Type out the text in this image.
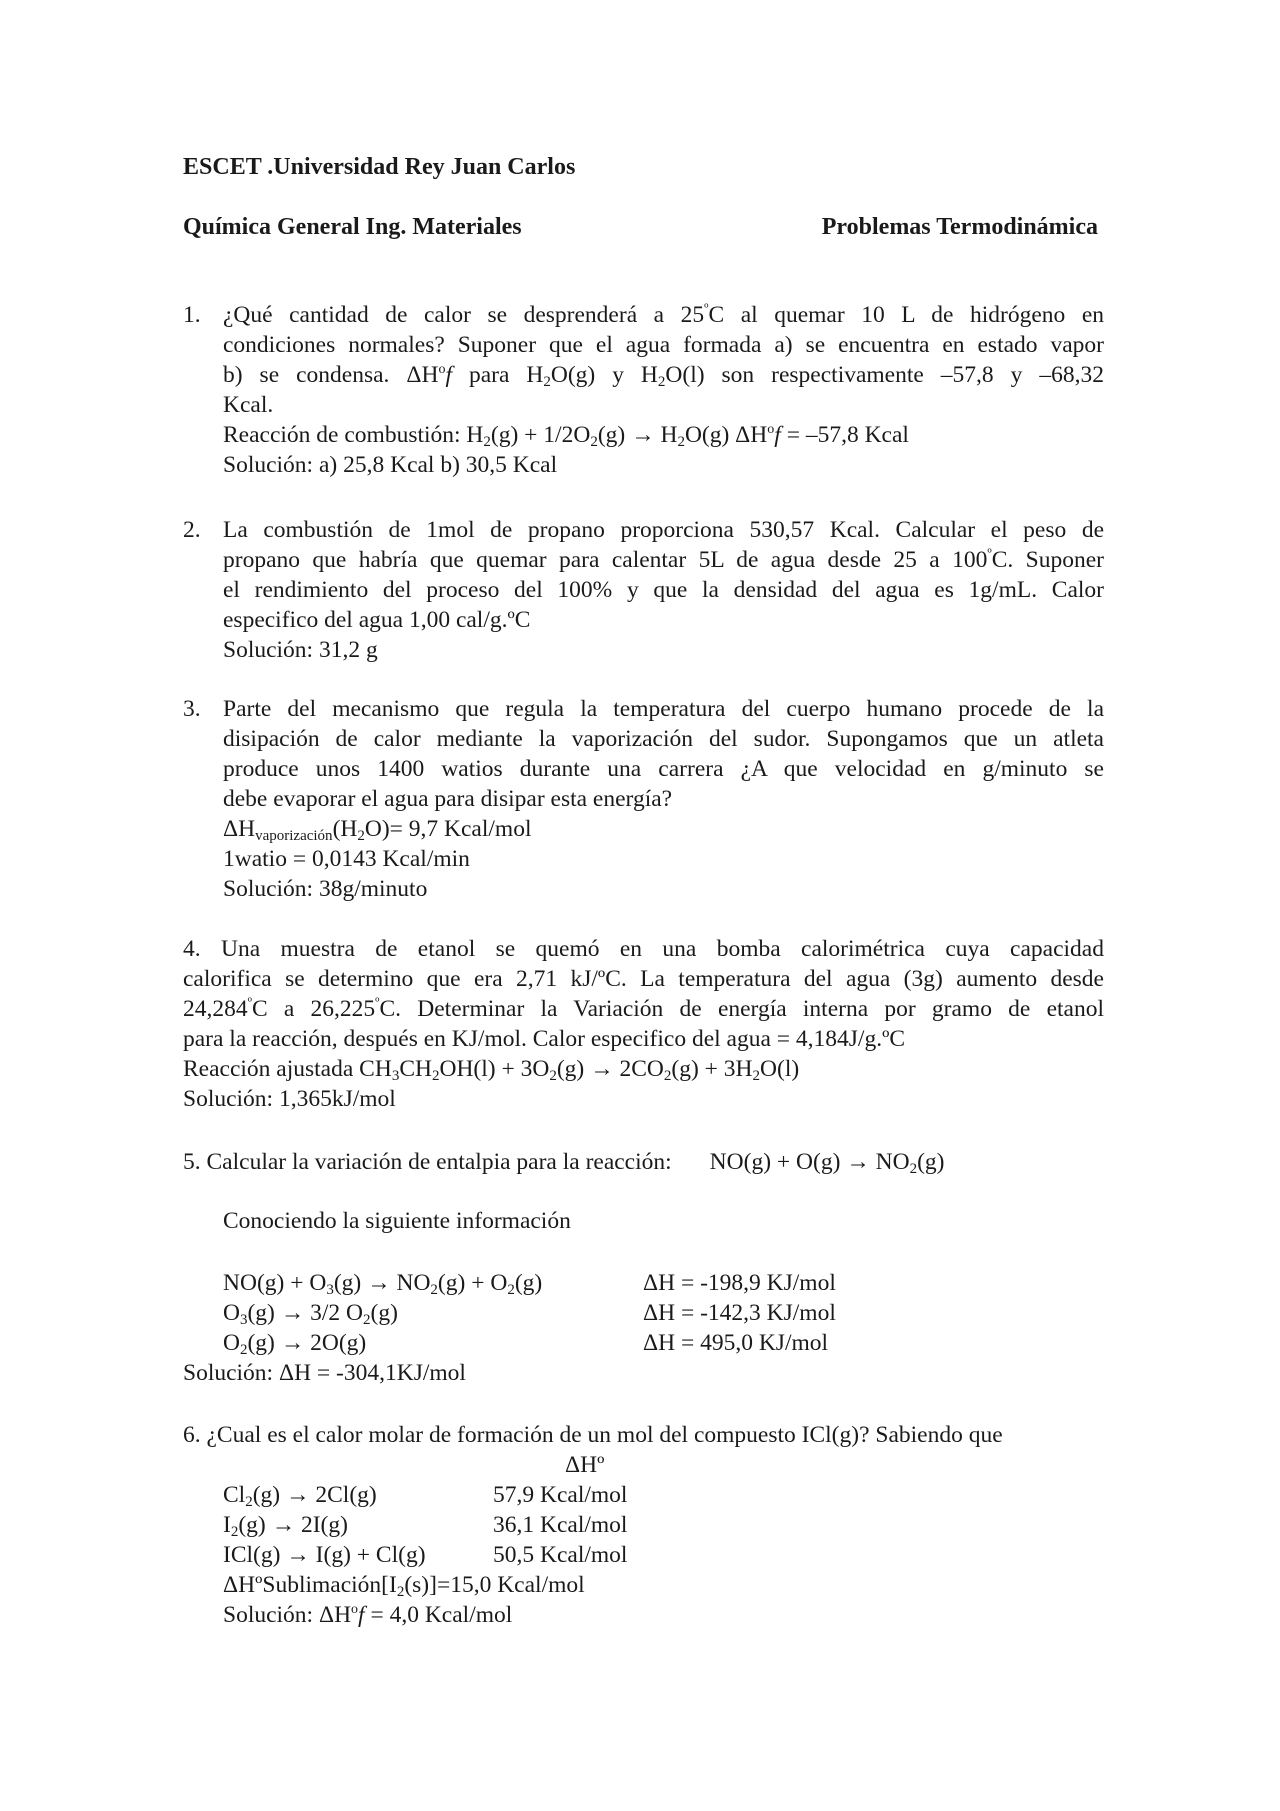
ESCET .Universidad Rey Juan Carlos
Química General Ing. Materiales	Problemas Termodinámica
1. ¿Qué cantidad de calor se desprenderá a $25^ºC$ al quemar 10 L de hidrógeno en

condiciones normales? Suponer que el agua formada a) se encuentra en estado vapor

b) se condensa. $\Delta H^of$ para $H_2O(g)$ y $H_2O(l)$ son respectivamente –57,8 y –68,32

Kcal.

Reacción de combustión: $H_2(g) + 1/2O_2(g) \to H_2O(g) \Delta H^of = -57,8$ Kcal

Solución: a) 25,8 Kcal b) 30,5 Kcal

2. La combustión de 1mol de propano proporciona 530,57 Kcal. Calcular el peso de

propano que habría que quemar para calentar 5L de agua desde 25 a $100^ºC$. Suponer

el rendimiento del proceso del 100% y que la densidad del agua es 1g/mL. Calor

especifico del agua 1,00 cal/g.ºC

Solución: 31,2 g

3. Parte del mecanismo que regula la temperatura del cuerpo humano procede de la

disipación de calor mediante la vaporización del sudor. Supongamos que un atleta

produce unos 1400 watios durante una carrera ¿A que velocidad en g/minuto se

debe evaporar el agua para disipar esta energía?

$\Delta H_{vaporización}(H_2O)= 9,7$ Kcal/mol

1watio = 0,0143 Kcal/min

Solución: 38g/minuto

4. Una muestra de etanol se quemó en una bomba calorimétrica cuya capacidad

calorifica se determino que era 2,71 kJ/ºC. La temperatura del agua (3g) aumento desde

$24,284^ºC$ a $26,225^ºC$. Determinar la Variación de energía interna por gramo de etanol

para la reacción, después en KJ/mol. Calor especifico del agua = 4,184J/g.ºC

Reacción ajustada $CH_3CH_2OH(l) + 3O_2(g) \to 2CO_2(g) + 3H_2O(l)$

Solución: 1,365kJ/mol

5. Calcular la variación de entalpia para la reacción: $NO(g) + O(g) \to NO_2(g)$

Conociendo la siguiente información

$NO(g) + O_3(g) \to NO_2(g) + O_2(g)$	ΔH = -198,9 KJ/mol
$O_3(g) \to 3/2$ $O_2(g)$	ΔH = -142,3 KJ/mol
$O_2(g) \to 2O(g)$	ΔH = 495,0 KJ/mol

Solución: ΔH = -304,1KJ/mol

6. ¿Cual es el calor molar de formación de un mol del compuesto ICl(g)? Sabiendo que

ΔHº

$Cl_2(g) \to 2Cl(g)$	57,9 Kcal/mol
$I_2(g) \to 2I(g)$	36,1 Kcal/mol
ICl(g) → I(g) + Cl(g)	50,5 Kcal/mol

$\Delta HºSublimación[I_2(s)]=15,0$ Kcal/mol

Solución: $\Delta H^of = 4,0$ Kcal/mol
